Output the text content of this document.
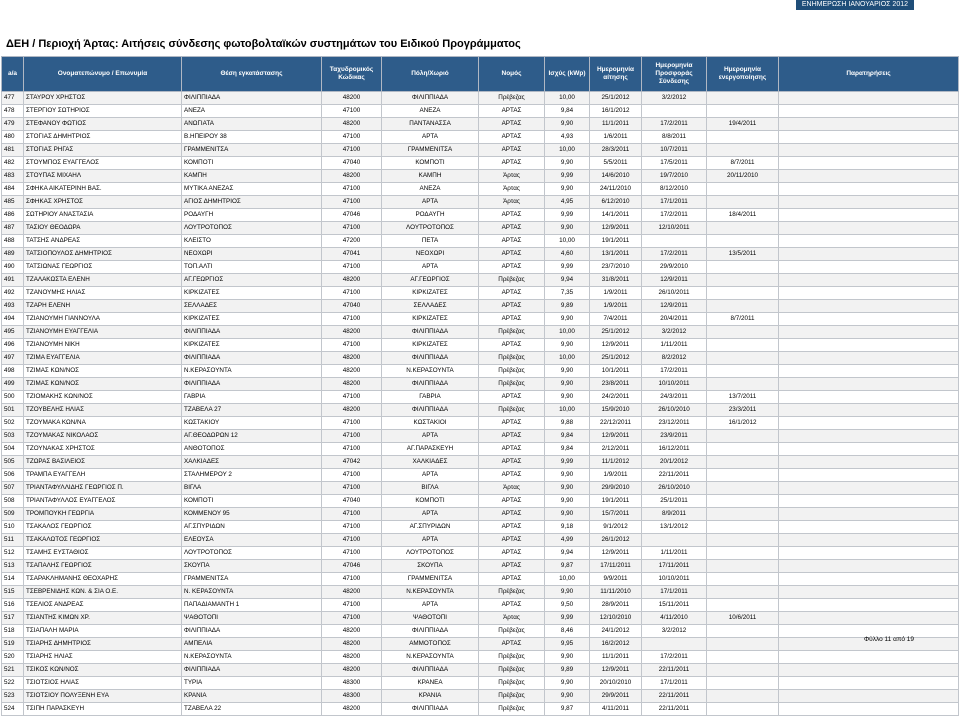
ΕΝΗΜΕΡΩΣΗ ΙΑΝΟΥΑΡΙΟΣ 2012
ΔΕΗ / Περιοχή Άρτας: Αιτήσεις σύνδεσης φωτοβολταϊκών συστημάτων του Ειδικού Προγράμματος
a/a	Ονοματεπώνυμο / Επωνυμία	Θέση εγκατάστασης	Ταχυδρομικός Κώδικας	Πόλη/Χωριό	Νομός	Ισχύς (kWp)	Ημερομηνία αίτησης	Ημερομηνία Προσφοράς Σύνδεσης	Ημερομηνία ενεργοποίησης	Παρατηρήσεις
477	ΣΤΑΥΡΟΥ ΧΡΗΣΤΟΣ	ΦΙΛΙΠΠΙΑΔΑ	48200	ΦΙΛΙΠΠΙΑΔΑ	Πρέβεζας	10,00	25/1/2012	3/2/2012		
478	ΣΤΕΡΓΙΟΥ ΣΩΤΗΡΙΟΣ	ΑΝΕΖΑ	47100	ΑΝΕΖΑ	ΑΡΤΑΣ	9,84	16/1/2012			
479	ΣΤΕΦΑΝΟΥ ΦΩΤΙΟΣ	ΑΝΩΓΙΑΤΑ	48200	ΠΑΝΤΑΝΑΣΣΑ	ΑΡΤΑΣ	9,90	11/1/2011	17/2/2011	19/4/2011	
480	ΣΤΟΓΙΑΣ ΔΗΜΗΤΡΙΟΣ	Β.ΗΠΕΙΡΟΥ 38	47100	ΑΡΤΑ	ΑΡΤΑΣ	4,93	1/6/2011	8/8/2011		
481	ΣΤΟΓΙΑΣ ΡΗΓΑΣ	ΓΡΑΜΜΕΝΙΤΣΑ	47100	ΓΡΑΜΜΕΝΙΤΣΑ	ΑΡΤΑΣ	10,00	28/3/2011	10/7/2011		
482	ΣΤΟΥΜΠΟΣ ΕΥΑΓΓΕΛΟΣ	ΚΟΜΠΟΤΙ	47040	ΚΟΜΠΟΤΙ	ΑΡΤΑΣ	9,90	5/5/2011	17/5/2011	8/7/2011	
483	ΣΤΟΥΠΑΣ ΜΙΧΑΗΛ	ΚΑΜΠΗ	48200	ΚΑΜΠΗ	Άρτας	9,99	14/6/2010	19/7/2010	20/11/2010	
484	ΣΦΗΚΑ ΑΙΚΑΤΕΡΙΝΗ ΒΑΣ.	ΜΥΤΙΚΑ ΑΝΕΖΑΣ	47100	ΑΝΕΖΑ	Άρτας	9,90	24/11/2010	8/12/2010		
485	ΣΦΗΚΑΣ ΧΡΗΣΤΟΣ	ΑΓΙΟΣ ΔΗΜΗΤΡΙΟΣ	47100	ΑΡΤΑ	Άρτας	4,95	6/12/2010	17/1/2011		
486	ΣΩΤΗΡΙΟΥ ΑΝΑΣΤΑΣΙΑ	ΡΟΔΑΥΓΗ	47046	ΡΟΔΑΥΓΗ	ΑΡΤΑΣ	9,99	14/1/2011	17/2/2011	18/4/2011	
487	ΤΑΣΙΟΥ ΘΕΟΔΩΡΑ	ΛΟΥΤΡΟΤΟΠΟΣ	47100	ΛΟΥΤΡΟΤΟΠΟΣ	ΑΡΤΑΣ	9,90	12/9/2011	12/10/2011		
488	ΤΑΤΣΗΣ ΑΝΔΡΕΑΣ	ΚΛΕΙΣΤΟ	47200	ΠΕΤΑ	ΑΡΤΑΣ	10,00	19/1/2011			
489	ΤΑΤΣΙΟΠΟΥΛΟΣ ΔΗΜΗΤΡΙΟΣ	ΝΕΟΧΩΡΙ	47041	ΝΕΟΧΩΡΙ	ΑΡΤΑΣ	4,60	13/1/2011	17/2/2011	13/5/2011	
490	ΤΑΤΣΙΩΝΑΣ ΓΕΩΡΓΙΟΣ	ΤΟΠ.ΑΛΤΙ	47100	ΑΡΤΑ	ΑΡΤΑΣ	9,99	23/7/2010	29/9/2010		
491	ΤΖΑΛΑΚΩΣΤΑ ΕΛΕΝΗ	ΑΓ.ΓΕΩΡΓΙΟΣ	48200	ΑΓ.ΓΕΩΡΓΙΟΣ	Πρέβεζας	9,94	31/8/2011	12/9/2011		
492	ΤΖΑΝΟΥΜΗΣ ΗΛΙΑΣ	ΚΙΡΚΙΖΑΤΕΣ	47100	ΚΙΡΚΙΖΑΤΕΣ	ΑΡΤΑΣ	7,35	1/9/2011	26/10/2011		
493	ΤΖΑΡΗ ΕΛΕΝΗ	ΣΕΛΛΑΔΕΣ	47040	ΣΕΛΛΑΔΕΣ	ΑΡΤΑΣ	9,89	1/9/2011	12/9/2011		
494	ΤΖΙΑΝΟΥΜΗ ΓΙΑΝΝΟΥΛΑ	ΚΙΡΚΙΖΑΤΕΣ	47100	ΚΙΡΚΙΖΑΤΕΣ	ΑΡΤΑΣ	9,90	7/4/2011	20/4/2011	8/7/2011	
495	ΤΖΙΑΝΟΥΜΗ ΕΥΑΓΓΕΛΙΑ	ΦΙΛΙΠΠΙΑΔΑ	48200	ΦΙΛΙΠΠΙΑΔΑ	Πρέβεζας	10,00	25/1/2012	3/2/2012		
496	ΤΖΙΑΝΟΥΜΗ ΝΙΚΗ	ΚΙΡΚΙΖΑΤΕΣ	47100	ΚΙΡΚΙΖΑΤΕΣ	ΑΡΤΑΣ	9,90	12/9/2011	1/11/2011		
497	ΤΖΙΜΑ ΕΥΑΓΓΕΛΙΑ	ΦΙΛΙΠΠΙΑΔΑ	48200	ΦΙΛΙΠΠΙΑΔΑ	Πρέβεζας	10,00	25/1/2012	8/2/2012		
498	ΤΖΙΜΑΣ ΚΩΝ/ΝΟΣ	Ν.ΚΕΡΑΣΟΥΝΤΑ	48200	Ν.ΚΕΡΑΣΟΥΝΤΑ	Πρέβεζας	9,90	10/1/2011	17/2/2011		
499	ΤΖΙΜΑΣ ΚΩΝ/ΝΟΣ	ΦΙΛΙΠΠΙΑΔΑ	48200	ΦΙΛΙΠΠΙΑΔΑ	Πρέβεζας	9,90	23/8/2011	10/10/2011		
500	ΤΖΙΟΜΑΚΗΣ ΚΩΝ/ΝΟΣ	ΓΑΒΡΙΑ	47100	ΓΑΒΡΙΑ	ΑΡΤΑΣ	9,90	24/2/2011	24/3/2011	13/7/2011	
501	ΤΖΟΥΒΕΛΗΣ ΗΛΙΑΣ	ΤΖΑΒΕΛΑ 27	48200	ΦΙΛΙΠΠΙΑΔΑ	Πρέβεζας	10,00	15/9/2010	26/10/2010	23/3/2011	
502	ΤΖΟΥΜΑΚΑ ΚΩΝ/ΝΑ	ΚΩΣΤΑΚΙΟΥ	47100	ΚΩΣΤΑΚΙΟΙ	ΑΡΤΑΣ	9,88	22/12/2011	23/12/2011	16/1/2012	
503	ΤΖΟΥΜΑΚΑΣ ΝΙΚΟΛΑΟΣ	ΑΓ.ΘΕΟΔΩΡΩΝ 12	47100	ΑΡΤΑ	ΑΡΤΑΣ	9,84	12/9/2011	23/9/2011		
504	ΤΖΟΥΝΑΚΑΣ ΧΡΗΣΤΟΣ	ΑΝΘΟΤΟΠΟΣ	47100	ΑΓ.ΠΑΡΑΣΚΕΥΗ	ΑΡΤΑΣ	9,84	2/12/2011	16/12/2011		
505	ΤΖΩΡΑΣ ΒΑΣΙΛΕΙΟΣ	ΧΑΛΚΙΑΔΕΣ	47042	ΧΑΛΚΙΑΔΕΣ	ΑΡΤΑΣ	9,99	11/1/2012	20/1/2012		
506	ΤΡΑΜΠΑ ΕΥΑΓΓΕΛΗ	ΣΤΑΛΗΜΕΡΟΥ 2	47100	ΑΡΤΑ	ΑΡΤΑΣ	9,90	1/9/2011	22/11/2011		
507	ΤΡΙΑΝΤΑΦΥΛΛΙΔΗΣ ΓΕΩΡΓΙΟΣ Π.	ΒΙΓΛΑ	47100	ΒΙΓΛΑ	Άρτας	9,90	29/9/2010	26/10/2010		
508	ΤΡΙΑΝΤΑΦΥΛΛΟΣ ΕΥΑΓΓΕΛΟΣ	ΚΟΜΠΟΤΙ	47040	ΚΟΜΠΟΤΙ	ΑΡΤΑΣ	9,90	19/1/2011	25/1/2011		
509	ΤΡΟΜΠΟΥΚΗ ΓΕΩΡΓΙΑ	ΚΟΜΜΕΝΟΥ 95	47100	ΑΡΤΑ	ΑΡΤΑΣ	9,90	15/7/2011	8/9/2011		
510	ΤΣΑΚΑΛΟΣ ΓΕΩΡΓΙΟΣ	ΑΓ.ΣΠΥΡΙΔΩΝ	47100	ΑΓ.ΣΠΥΡΙΔΩΝ	ΑΡΤΑΣ	9,18	9/1/2012	13/1/2012		
511	ΤΣΑΚΑΛΩΤΟΣ ΓΕΩΡΓΙΟΣ	ΕΛΕΟΥΣΑ	47100	ΑΡΤΑ	ΑΡΤΑΣ	4,99	26/1/2012			
512	ΤΣΑΜΗΣ ΕΥΣΤΑΘΙΟΣ	ΛΟΥΤΡΟΤΟΠΟΣ	47100	ΛΟΥΤΡΟΤΟΠΟΣ	ΑΡΤΑΣ	9,94	12/9/2011	1/11/2011		
513	ΤΣΑΠΑΛΗΣ ΓΕΩΡΓΙΟΣ	ΣΚΟΥΠΑ	47046	ΣΚΟΥΠΑ	ΑΡΤΑΣ	9,87	17/11/2011	17/11/2011		
514	ΤΣΑΡΑΚΛΗΜΑΝΗΣ ΘΕΟΧΑΡΗΣ	ΓΡΑΜΜΕΝΙΤΣΑ	47100	ΓΡΑΜΜΕΝΙΤΣΑ	ΑΡΤΑΣ	10,00	9/9/2011	10/10/2011		
515	ΤΣΕΒΡΕΝΙΔΗΣ ΚΩΝ. & ΣΙΑ Ο.Ε.	Ν. ΚΕΡΑΣΟΥΝΤΑ	48200	Ν.ΚΕΡΑΣΟΥΝΤΑ	Πρέβεζας	9,90	11/11/2010	17/1/2011		
516	ΤΣΕΛΙΟΣ ΑΝΔΡΕΑΣ	ΠΑΠΑΔΙΑΜΑΝΤΗ 1	47100	ΑΡΤΑ	ΑΡΤΑΣ	9,50	28/9/2011	15/11/2011		
517	ΤΣΙΑΝΤΗΣ ΚΙΜΩΝ ΧΡ.	ΨΑΘΟΤΟΠΙ	47100	ΨΑΘΟΤΟΠΙ	Άρτας	9,99	12/10/2010	4/11/2010	10/6/2011	
518	ΤΣΙΑΠΑΛΗ ΜΑΡΙΑ	ΦΙΛΙΠΠΙΑΔΑ	48200	ΦΙΛΙΠΠΙΑΔΑ	Πρέβεζας	8,46	24/1/2012	3/2/2012		
519	ΤΣΙΑΡΗΣ ΔΗΜΗΤΡΙΟΣ	ΑΜΠΕΛΙΑ	48200	ΑΜΜΟΤΟΠΟΣ	ΑΡΤΑΣ	9,95	16/2/2012			
520	ΤΣΙΑΡΗΣ ΗΛΙΑΣ	Ν.ΚΕΡΑΣΟΥΝΤΑ	48200	Ν.ΚΕΡΑΣΟΥΝΤΑ	Πρέβεζας	9,90	11/1/2011	17/2/2011		
521	ΤΣΙΚΟΣ ΚΩΝ/ΝΟΣ	ΦΙΛΙΠΠΙΑΔΑ	48200	ΦΙΛΙΠΠΙΑΔΑ	Πρέβεζας	9,89	12/9/2011	22/11/2011		
522	ΤΣΙΟΤΣΙΟΣ ΗΛΙΑΣ	ΤΥΡΙΑ	48300	ΚΡΑΝΕΑ	Πρέβεζας	9,90	20/10/2010	17/1/2011		
523	ΤΣΙΟΤΣΙΟΥ ΠΟΛΥΞΕΝΗ ΕΥΑ	ΚΡΑΝΙΑ	48300	ΚΡΑΝΙΑ	Πρέβεζας	9,90	29/9/2011	22/11/2011		
524	ΤΣΙΠΗ ΠΑΡΑΣΚΕΥΗ	ΤΖΑΒΕΛΑ 22	48200	ΦΙΛΙΠΠΙΑΔΑ	Πρέβεζας	9,87	4/11/2011	22/11/2011		
Φύλλο 11 από 19
